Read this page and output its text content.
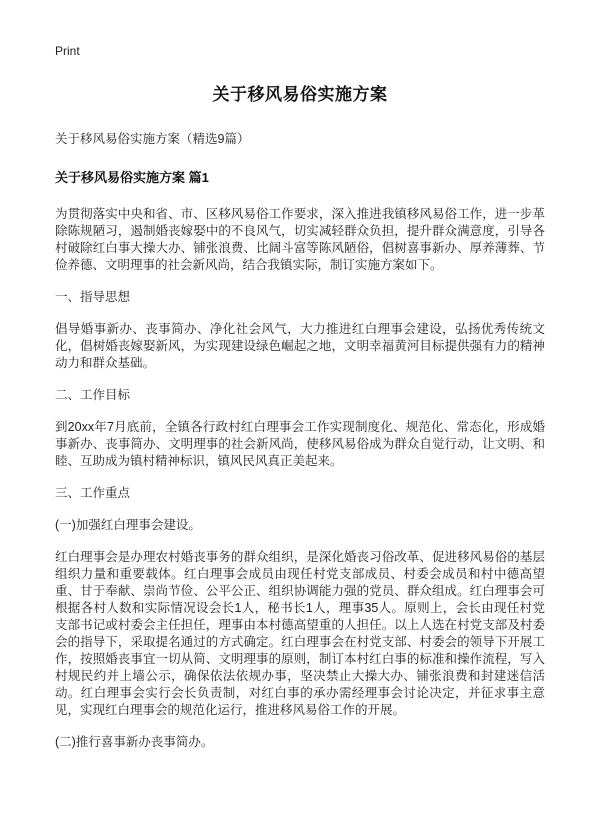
Print
关于移风易俗实施方案

关于移风易俗实施方案（精选9篇）

关于移风易俗实施方案 篇1

为贯彻落实中央和省、市、区移风易俗工作要求，深入推进我镇移风易俗工作，进一步革除陈规陋习，遏制婚丧嫁娶中的不良风气，切实减轻群众负担，提升群众满意度，引导各村破除红白事大操大办、铺张浪费、比阔斗富等陈风陋俗，倡树喜事新办、厚养薄葬、节俭养德、文明理事的社会新风尚，结合我镇实际，制订实施方案如下。

一、指导思想

倡导婚事新办、丧事简办、净化社会风气，大力推进红白理事会建设，弘扬优秀传统文化，倡树婚丧嫁娶新风，为实现建设绿色崛起之地，文明幸福黄河目标提供强有力的精神动力和群众基础。

二、工作目标

到20xx年7月底前，全镇各行政村红白理事会工作实现制度化、规范化、常态化，形成婚事新办、丧事简办、文明理事的社会新风尚，使移风易俗成为群众自觉行动，让文明、和睦、互助成为镇村精神标识，镇风民风真正美起来。

三、工作重点

(一)加强红白理事会建设。

红白理事会是办理农村婚丧事务的群众组织，是深化婚丧习俗改革、促进移风易俗的基层组织力量和重要载体。红白理事会成员由现任村党支部成员、村委会成员和村中德高望重、甘于奉献、崇尚节俭、公平公正、组织协调能力强的党员、群众组成。红白理事会可根据各村人数和实际情况设会长1人，秘书长1人，理事35人。原则上，会长由现任村党支部书记或村委会主任担任，理事由本村德高望重的人担任。以上人选在村党支部及村委会的指导下，采取提名通过的方式确定。红白理事会在村党支部、村委会的领导下开展工作，按照婚丧事宜一切从简、文明理事的原则，制订本村红白事的标准和操作流程，写入村规民约并上墙公示，确保依法依规办事，坚决禁止大操大办、铺张浪费和封建迷信活动。红白理事会实行会长负责制，对红白事的承办需经理事会讨论决定，并征求事主意见，实现红白理事会的规范化运行，推进移风易俗工作的开展。

(二)推行喜事新办丧事简办。
